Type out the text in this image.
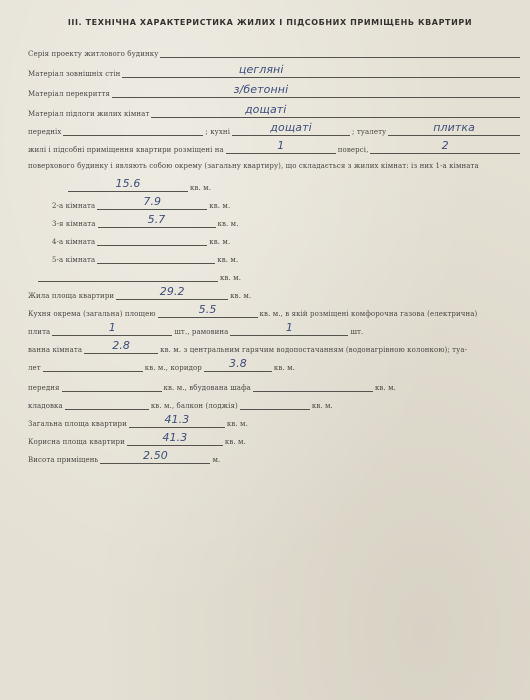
ІІІ. ТЕХНІЧНА ХАРАКТЕРИСТИКА ЖИЛИХ І ПІДСОБНИХ ПРИМІЩЕНЬ КВАРТИРИ
Серія проекту житлового будинку
Матеріал зовнішніх стін	цегляні
Матеріал перекриття	з/бетонні
Матеріал підлоги жилих кімнат	дощаті
передніх	; кухні	дощаті	; туалету	плитка
жилі і підсобні приміщення квартири розміщені на	1	поверсі,	2
поверхового будинку і являють собою окрему (загальну квартиру), що складається з жилих кімнат: із них 1-а кімната
15.6	кв. м.
2-а кімната	7.9	кв. м.
3-я кімната	5.7	кв. м.
4-а кімната	кв. м.
5-а кімната	кв. м.
кв. м.
Жила площа квартири	29.2	кв. м.
Кухня окрема (загальна) площею	5.5	кв. м., в якій розміщені комфорочна газова (електрична)
плита	1	шт., рамовина	1	шт.
ванна кімната	2.8	кв. м. з центральним гарячим водопостачанням (водонагрівною колонкою); туа-
лет	кв. м., коридор	3.8	кв. м.
передня	кв. м., вбудована шафа	кв. м.
кладовка	кв. м., балкон (лоджія)	кв. м.
Загальна площа квартири	41.3	кв. м.
Корисна площа квартири	41.3	кв. м.
Висота приміщень	2.50	м.
